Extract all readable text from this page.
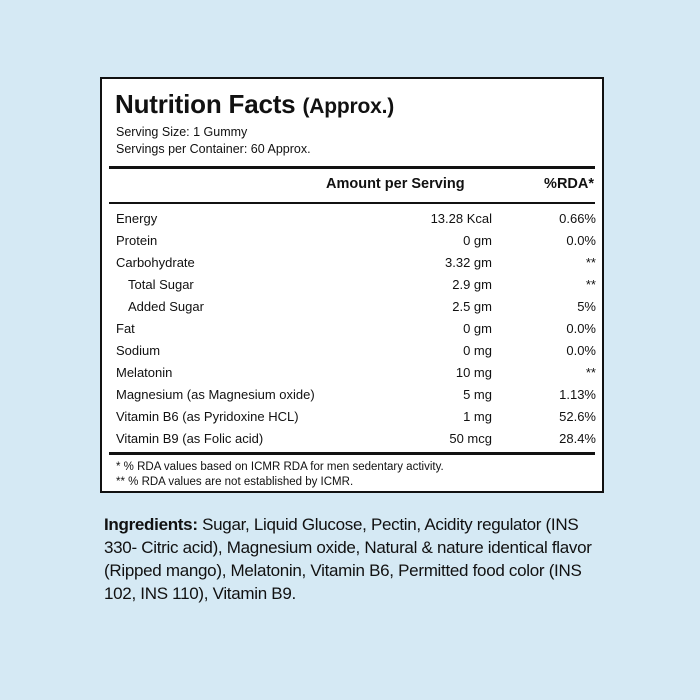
Nutrition Facts (Approx.)
Serving Size: 1 Gummy
Servings per Container: 60 Approx.
Amount per Serving	%RDA*
Energy	13.28 Kcal	0.66%
Protein	0 gm	0.0%
Carbohydrate	3.32 gm	**
Total Sugar	2.9 gm	**
Added Sugar	2.5 gm	5%
Fat	0 gm	0.0%
Sodium	0 mg	0.0%
Melatonin	10 mg	**
Magnesium (as Magnesium oxide)	5 mg	1.13%
Vitamin B6 (as Pyridoxine HCL)	1 mg	52.6%
Vitamin B9 (as Folic acid)	50 mcg	28.4%
* % RDA values based on ICMR RDA for men sedentary activity.
** % RDA values are not established by ICMR.
Ingredients: Sugar, Liquid Glucose, Pectin, Acidity regulator (INS 330- Citric acid), Magnesium oxide, Natural & nature identical flavor (Ripped mango), Melatonin, Vitamin B6, Permitted food color (INS 102, INS 110), Vitamin B9.
